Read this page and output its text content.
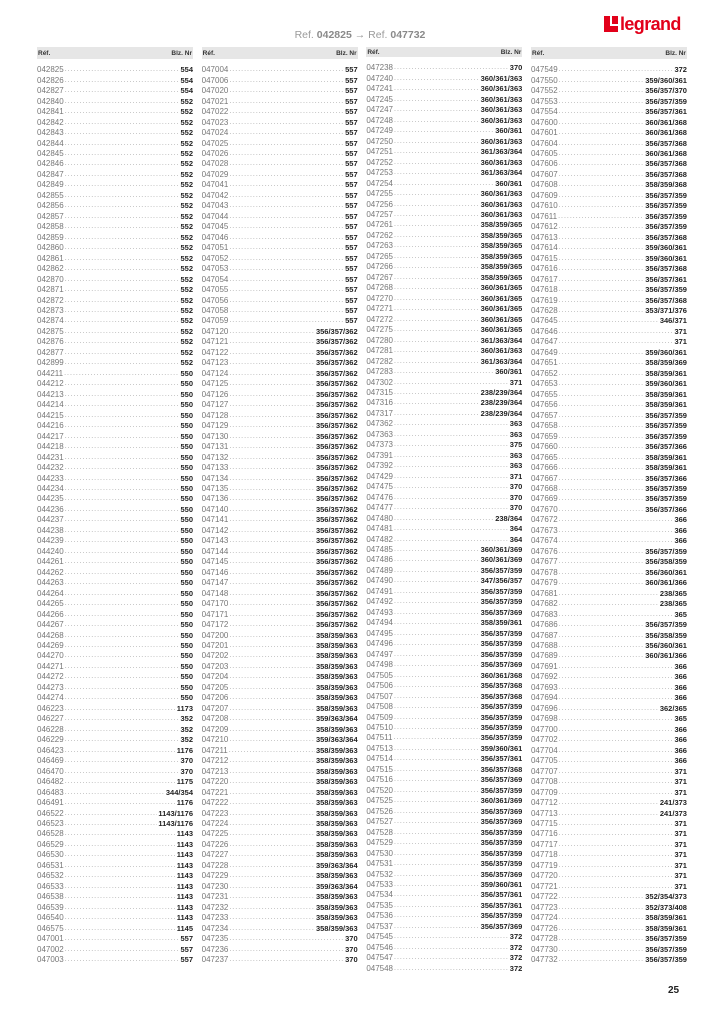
Ref. 042825 → Ref. 047732
legrand
Réf.	Blz. Nr
042825 .....	554
042826 .....	554
042827 .....	554
042840 .....	552
042841 .....	552
042842 .....	552
042843 .....	552
042844 .....	552
042845 .....	552
042846 .....	552
042847 .....	552
042849 .....	552
042855 .....	552
042856 .....	552
042857 .....	552
042858 .....	552
042859 .....	552
042860 .....	552
042861 .....	552
042862 .....	552
042870 .....	552
042871 .....	552
042872 .....	552
042873 .....	552
042874 .....	552
042875 .....	552
042876 .....	552
042877 .....	552
042899 .....	552
044211 .....	550
044212 .....	550
044213 .....	550
044214 .....	550
044215 .....	550
044216 .....	550
044217 .....	550
044218 .....	550
044231 .....	550
044232 .....	550
044233 .....	550
044234 .....	550
044235 .....	550
044236 .....	550
044237 .....	550
044238 .....	550
044239 .....	550
044240 .....	550
044261 .....	550
044262 .....	550
044263 .....	550
044264 .....	550
044265 .....	550
044266 .....	550
044267 .....	550
044268 .....	550
044269 .....	550
044270 .....	550
044271 .....	550
044272 .....	550
044273 .....	550
044274 .....	550
046223 .....	1173
046227 .....	352
046228 .....	352
046229 .....	352
046423 .....	1176
046469 .....	370
046470 .....	370
046482 .....	1175
046483 .....	344/354
046491 .....	1176
046522 .....	1143/1176
046523 .....	1143/1176
046528 .....	1143
046529 .....	1143
046530 .....	1143
046531 .....	1143
046532 .....	1143
046533 .....	1143
046538 .....	1143
046539 .....	1143
046540 .....	1143
046575 .....	1145
047001 .....	557
047002 .....	557
047003 .....	557
Réf.	Blz. Nr
047004 .....	557
047006 .....	557
047020 .....	557
047021 .....	557
047022 .....	557
047023 .....	557
047024 .....	557
047025 .....	557
047026 .....	557
047028 .....	557
047029 .....	557
047041 .....	557
047042 .....	557
047043 .....	557
047044 .....	557
047045 .....	557
047046 .....	557
047051 .....	557
047052 .....	557
047053 .....	557
047054 .....	557
047055 .....	557
047056 .....	557
047058 .....	557
047059 .....	557
047120 .....	356/357/362
047121 .....	356/357/362
047122 .....	356/357/362
047123 .....	356/357/362
047124 .....	356/357/362
047125 .....	356/357/362
047126 .....	356/357/362
047127 .....	356/357/362
047128 .....	356/357/362
047129 .....	356/357/362
047130 .....	356/357/362
047131 .....	356/357/362
047132 .....	356/357/362
047133 .....	356/357/362
047134 .....	356/357/362
047135 .....	356/357/362
047136 .....	356/357/362
047140 .....	356/357/362
047141 .....	356/357/362
047142 .....	356/357/362
047143 .....	356/357/362
047144 .....	356/357/362
047145 .....	356/357/362
047146 .....	356/357/362
047147 .....	356/357/362
047148 .....	356/357/362
047170 .....	356/357/362
047171 .....	356/357/362
047172 .....	356/357/362
047200 .....	358/359/363
047201 .....	358/359/363
047202 .....	358/359/363
047203 .....	358/359/363
047204 .....	358/359/363
047205 .....	358/359/363
047206 .....	358/359/363
047207 .....	358/359/363
047208 .....	359/363/364
047209 .....	358/359/363
047210 .....	359/363/364
047211 .....	358/359/363
047212 .....	358/359/363
047213 .....	358/359/363
047220 .....	358/359/363
047221 .....	358/359/363
047222 .....	358/359/363
047223 .....	358/359/363
047224 .....	358/359/363
047225 .....	358/359/363
047226 .....	358/359/363
047227 .....	358/359/363
047228 .....	359/363/364
047229 .....	358/359/363
047230 .....	359/363/364
047231 .....	358/359/363
047232 .....	358/359/363
047233 .....	358/359/363
047234 .....	358/359/363
047235 .....	370
047236 .....	370
047237 .....	370
Réf.	Blz. Nr
047238 .....	370
047240 .....	360/361/363
047241 .....	360/361/363
047245 .....	360/361/363
047247 .....	360/361/363
047248 .....	360/361/363
047249 .....	360/361
047250 .....	360/361/363
047251 .....	361/363/364
047252 .....	360/361/363
047253 .....	361/363/364
047254 .....	360/361
047255 .....	360/361/363
047256 .....	360/361/363
047257 .....	360/361/363
047261 .....	358/359/365
047262 .....	358/359/365
047263 .....	358/359/365
047265 .....	358/359/365
047266 .....	358/359/365
047267 .....	358/359/365
047268 .....	360/361/365
047270 .....	360/361/365
047271 .....	360/361/365
047272 .....	360/361/365
047275 .....	360/361/365
047280 .....	361/363/364
047281 .....	360/361/363
047282 .....	361/363/364
047283 .....	360/361
047302 .....	371
047315 .....	238/239/364
047316 .....	238/239/364
047317 .....	238/239/364
047362 .....	363
047363 .....	363
047373 .....	375
047391 .....	363
047392 .....	363
047429 .....	371
047475 .....	370
047476 .....	370
047477 .....	370
047480 .....	238/364
047481 .....	364
047482 .....	364
047485 .....	360/361/369
047486 .....	360/361/369
047489 .....	356/357/359
047490 .....	347/356/357
047491 .....	356/357/359
047492 .....	356/357/359
047493 .....	356/357/369
047494 .....	358/359/361
047495 .....	356/357/359
047496 .....	356/357/359
047497 .....	356/357/359
047498 .....	356/357/369
047505 .....	360/361/368
047506 .....	356/357/368
047507 .....	356/357/368
047508 .....	356/357/359
047509 .....	356/357/359
047510 .....	356/357/359
047511 .....	356/357/359
047513 .....	359/360/361
047514 .....	356/357/361
047515 .....	356/357/368
047516 .....	356/357/369
047520 .....	356/357/359
047525 .....	360/361/369
047526 .....	356/357/369
047527 .....	356/357/369
047528 .....	356/357/359
047529 .....	356/357/359
047530 .....	356/357/359
047531 .....	356/357/359
047532 .....	356/357/369
047533 .....	359/360/361
047534 .....	356/357/361
047535 .....	356/357/361
047536 .....	356/357/359
047537 .....	356/357/369
047545 .....	372
047546 .....	372
047547 .....	372
047548 .....	372
Réf.	Blz. Nr
047549 .....	372
047550 .....	359/360/361
047552 .....	356/357/370
047553 .....	356/357/359
047554 .....	356/357/361
047600 .....	360/361/368
047601 .....	360/361/368
047604 .....	356/357/368
047605 .....	360/361/368
047606 .....	356/357/368
047607 .....	356/357/368
047608 .....	358/359/368
047609 .....	356/357/359
047610 .....	356/357/359
047611 .....	356/357/359
047612 .....	356/357/359
047613 .....	356/357/368
047614 .....	359/360/361
047615 .....	359/360/361
047616 .....	356/357/368
047617 .....	356/357/361
047618 .....	356/357/359
047619 .....	356/357/368
047628 .....	353/371/376
047645 .....	346/371
047646 .....	371
047647 .....	371
047649 .....	359/360/361
047651 .....	358/359/369
047652 .....	358/359/361
047653 .....	359/360/361
047655 .....	358/359/361
047656 .....	358/359/361
047657 .....	356/357/359
047658 .....	356/357/359
047659 .....	356/357/359
047660 .....	356/357/366
047665 .....	358/359/361
047666 .....	358/359/361
047667 .....	356/357/366
047668 .....	356/357/359
047669 .....	356/357/359
047670 .....	356/357/366
047672 .....	366
047673 .....	366
047674 .....	366
047676 .....	356/357/359
047677 .....	356/358/359
047678 .....	356/360/361
047679 .....	360/361/366
047681 .....	238/365
047682 .....	238/365
047683 .....	365
047686 .....	356/357/359
047687 .....	356/358/359
047688 .....	356/360/361
047689 .....	360/361/366
047691 .....	366
047692 .....	366
047693 .....	366
047694 .....	366
047696 .....	362/365
047698 .....	365
047700 .....	366
047702 .....	366
047704 .....	366
047705 .....	366
047707 .....	371
047708 .....	371
047709 .....	371
047712 .....	241/373
047713 .....	241/373
047715 .....	371
047716 .....	371
047717 .....	371
047718 .....	371
047719 .....	371
047720 .....	371
047721 .....	371
047722 .....	352/354/373
047723 .....	352/373/408
047724 .....	358/359/361
047726 .....	358/359/361
047728 .....	356/357/359
047730 .....	356/357/359
047732 .....	356/357/359
25
